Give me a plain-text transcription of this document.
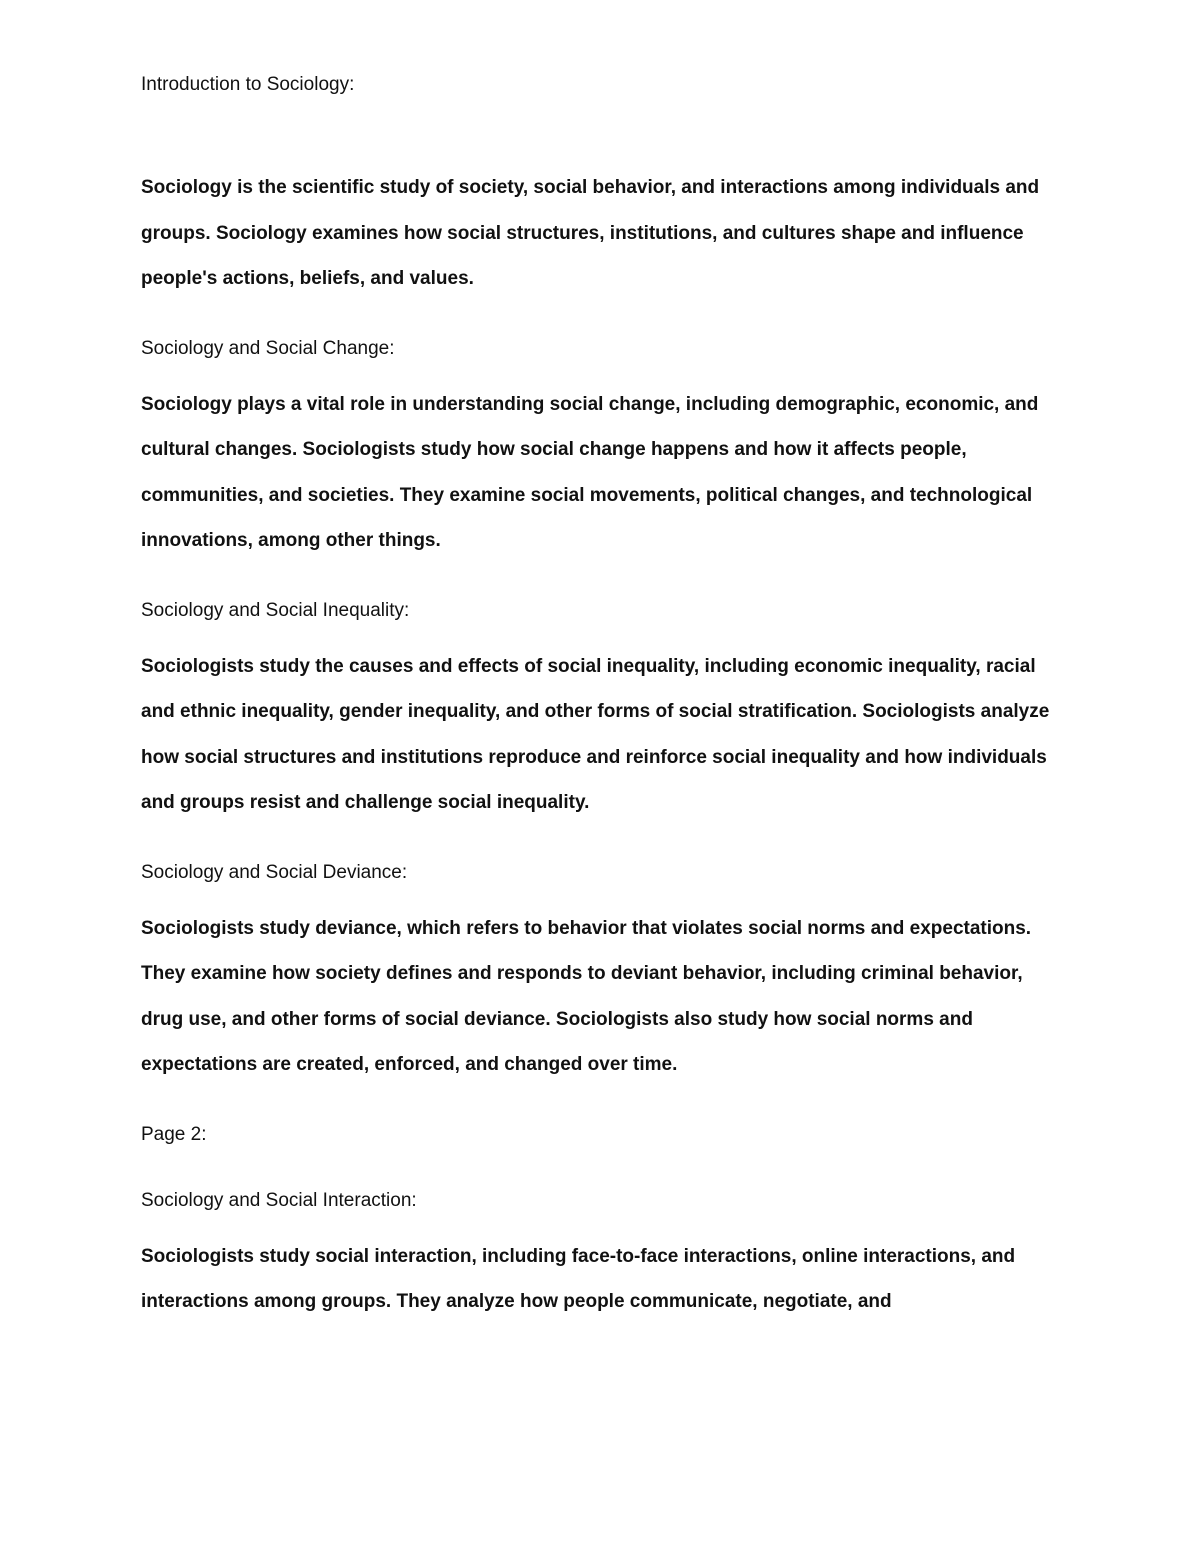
Introduction to Sociology:

Sociology is the scientific study of society, social behavior, and interactions among individuals and groups. Sociology examines how social structures, institutions, and cultures shape and influence people's actions, beliefs, and values.

Sociology and Social Change:

Sociology plays a vital role in understanding social change, including demographic, economic, and cultural changes. Sociologists study how social change happens and how it affects people, communities, and societies. They examine social movements, political changes, and technological innovations, among other things.

Sociology and Social Inequality:

Sociologists study the causes and effects of social inequality, including economic inequality, racial and ethnic inequality, gender inequality, and other forms of social stratification. Sociologists analyze how social structures and institutions reproduce and reinforce social inequality and how individuals and groups resist and challenge social inequality.

Sociology and Social Deviance:

Sociologists study deviance, which refers to behavior that violates social norms and expectations. They examine how society defines and responds to deviant behavior, including criminal behavior, drug use, and other forms of social deviance. Sociologists also study how social norms and expectations are created, enforced, and changed over time.

Page 2:

Sociology and Social Interaction:

Sociologists study social interaction, including face-to-face interactions, online interactions, and interactions among groups. They analyze how people communicate, negotiate, and
